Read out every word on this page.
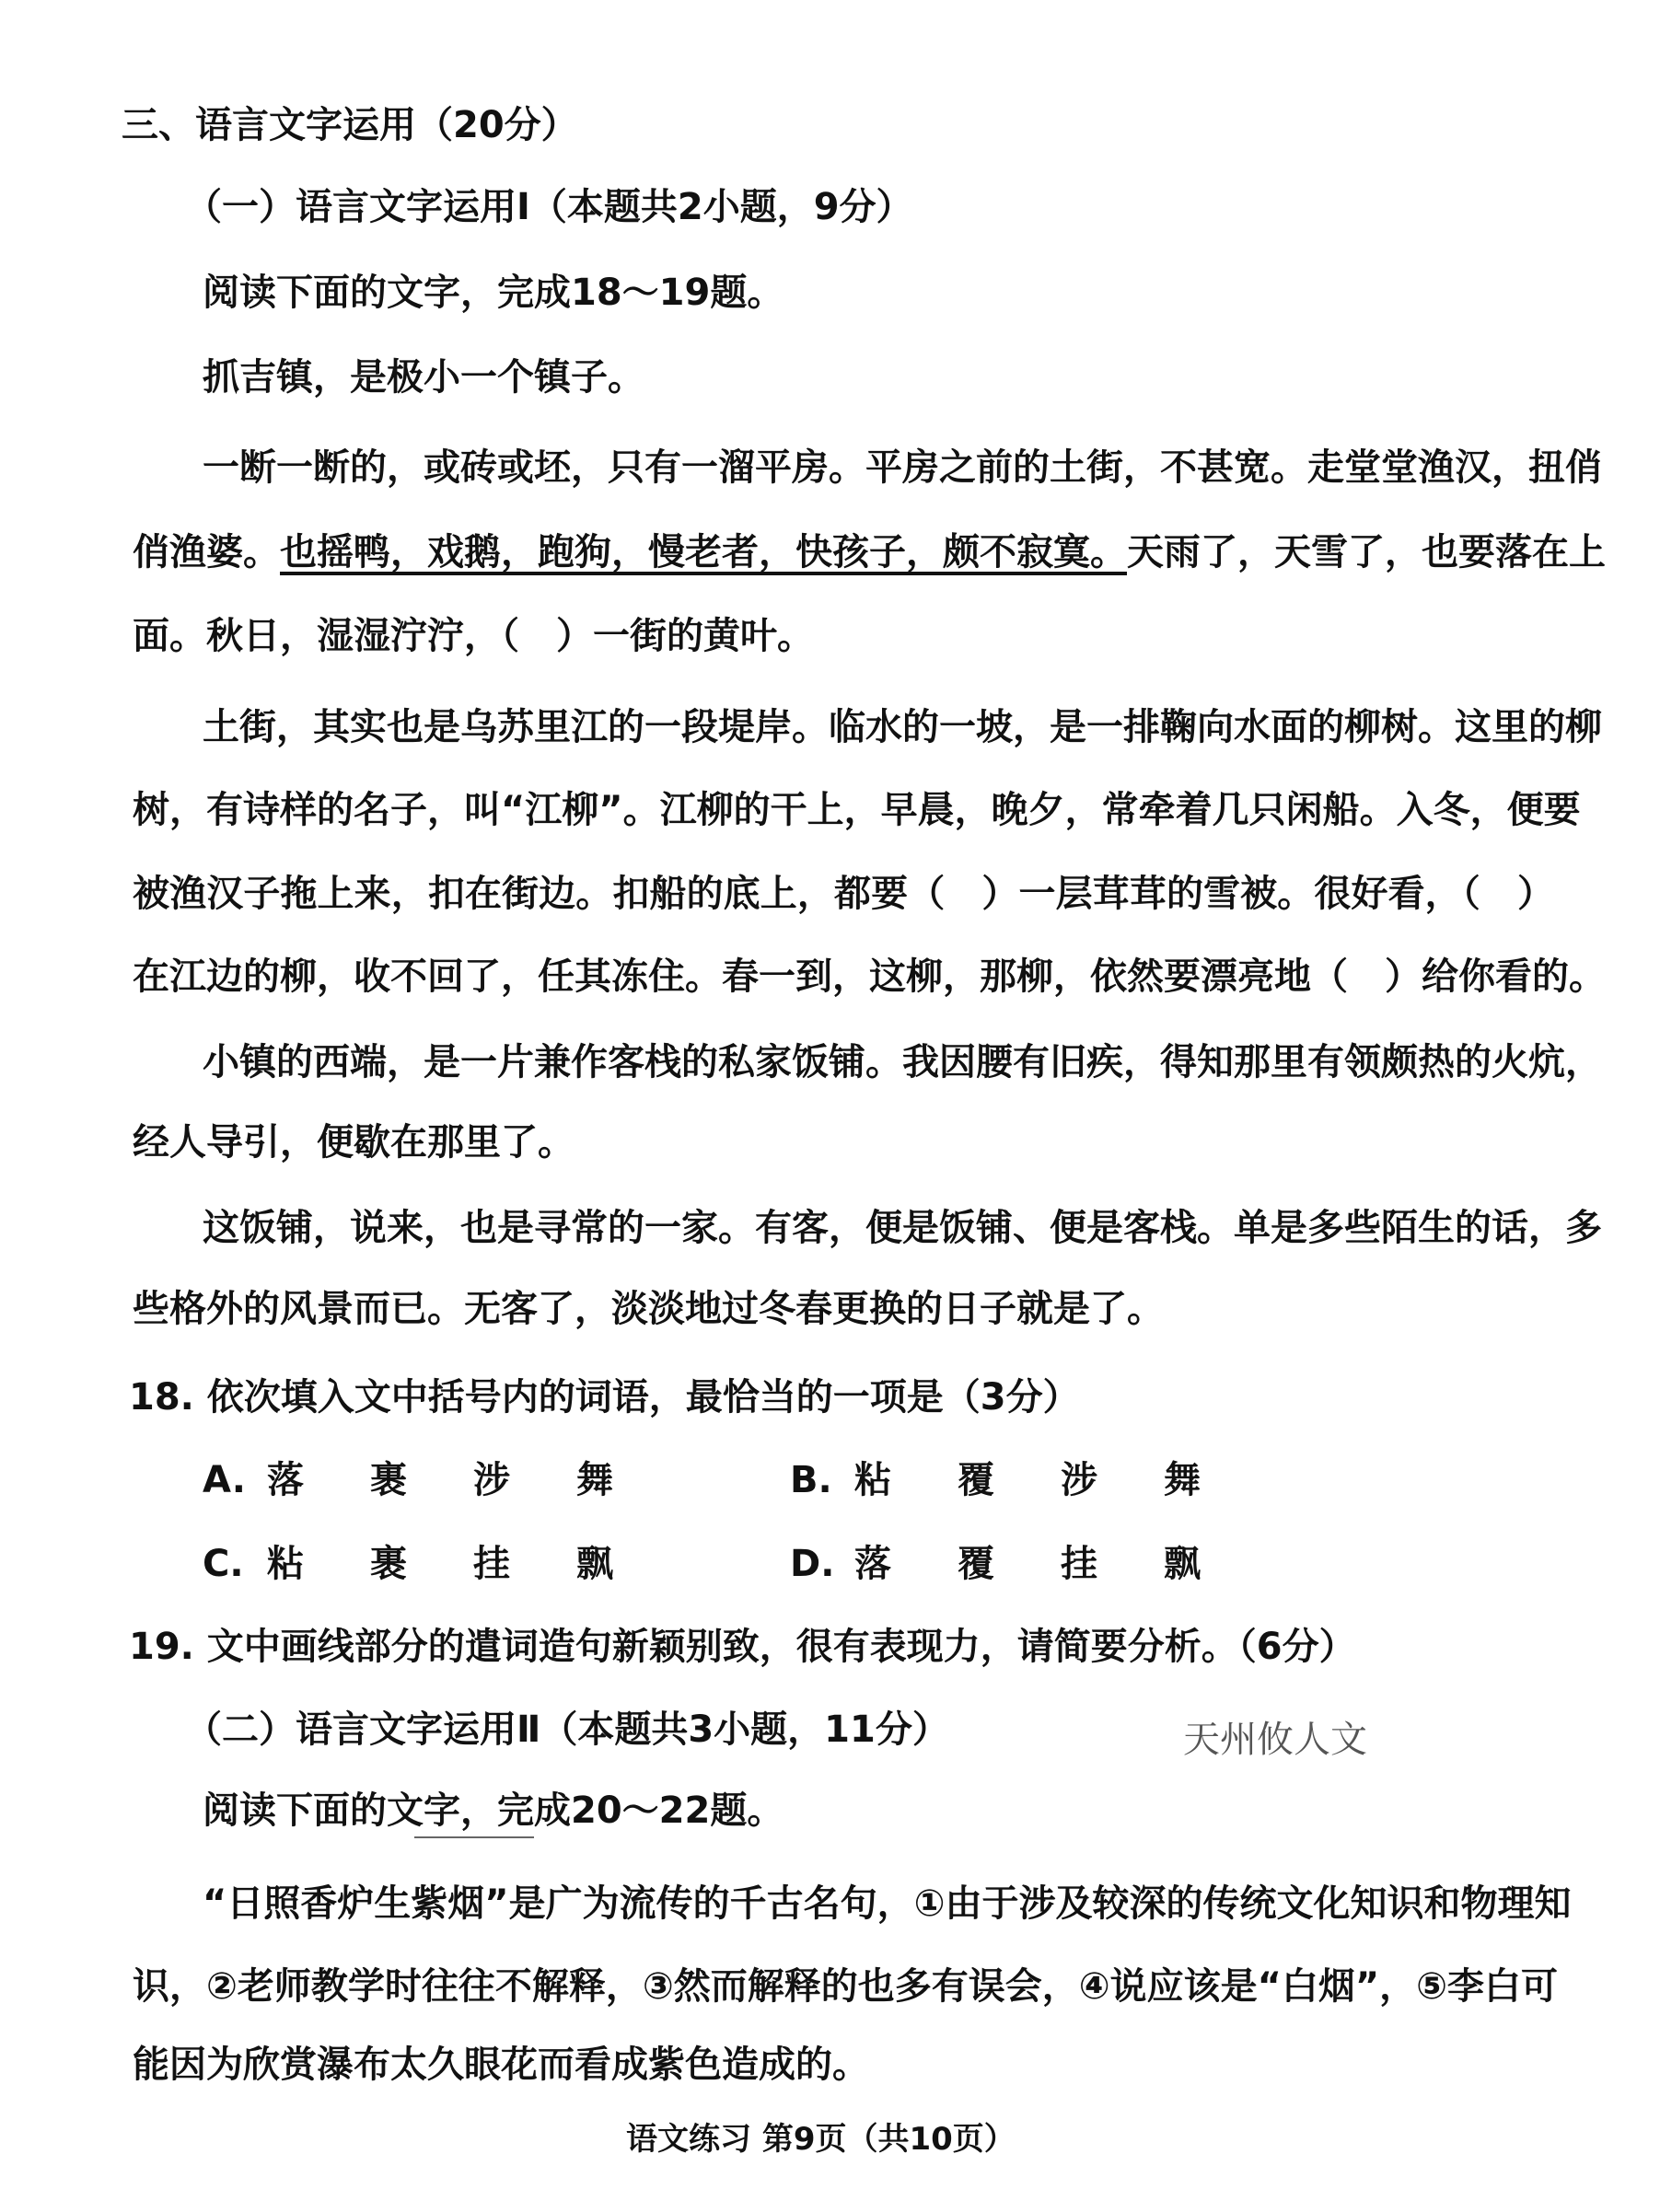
三、语言文字运用（20分）
（一）语言文字运用Ⅰ（本题共2小题，9分）
阅读下面的文字，完成18～19题。
抓吉镇，是极小一个镇子。
一断一断的，或砖或坯，只有一溜平房。平房之前的土街，不甚宽。走堂堂渔汉，扭俏
俏渔婆。也摇鸭，戏鹅，跑狗，慢老者，快孩子，颇不寂寞。天雨了，天雪了，也要落在上
面。秋日，湿湿泞泞，（　）一街的黄叶。
土街，其实也是乌苏里江的一段堤岸。临水的一坡，是一排鞠向水面的柳树。这里的柳
树，有诗样的名子，叫“江柳”。江柳的干上，早晨，晚夕，常牵着几只闲船。入冬，便要
被渔汉子拖上来，扣在街边。扣船的底上，都要（　）一层茸茸的雪被。很好看，（　）
在江边的柳，收不回了，任其冻住。春一到，这柳，那柳，依然要漂亮地（　）给你看的。
小镇的西端，是一片兼作客栈的私家饭铺。我因腰有旧疾，得知那里有领颇热的火炕，
经人导引，便歇在那里了。
这饭铺，说来，也是寻常的一家。有客，便是饭铺、便是客栈。单是多些陌生的话，多
些格外的风景而已。无客了，淡淡地过冬春更换的日子就是了。
18. 依次填入文中括号内的词语，最恰当的一项是（3分）
A. 落 裹 涉 舞	B. 粘 覆 涉 舞
C. 粘 裹 挂 飘	D. 落 覆 挂 飘
19. 文中画线部分的遣词造句新颖别致，很有表现力，请简要分析。（6分）
（二）语言文字运用Ⅱ（本题共3小题，11分）	天州攸人文
阅读下面的文字，完成20～22题。
“日照香炉生紫烟”是广为流传的千古名句，①由于涉及较深的传统文化知识和物理知
识，②老师教学时往往不解释，③然而解释的也多有误会，④说应该是“白烟”，⑤李白可
能因为欣赏瀑布太久眼花而看成紫色造成的。
语文练习 第9页（共10页）
